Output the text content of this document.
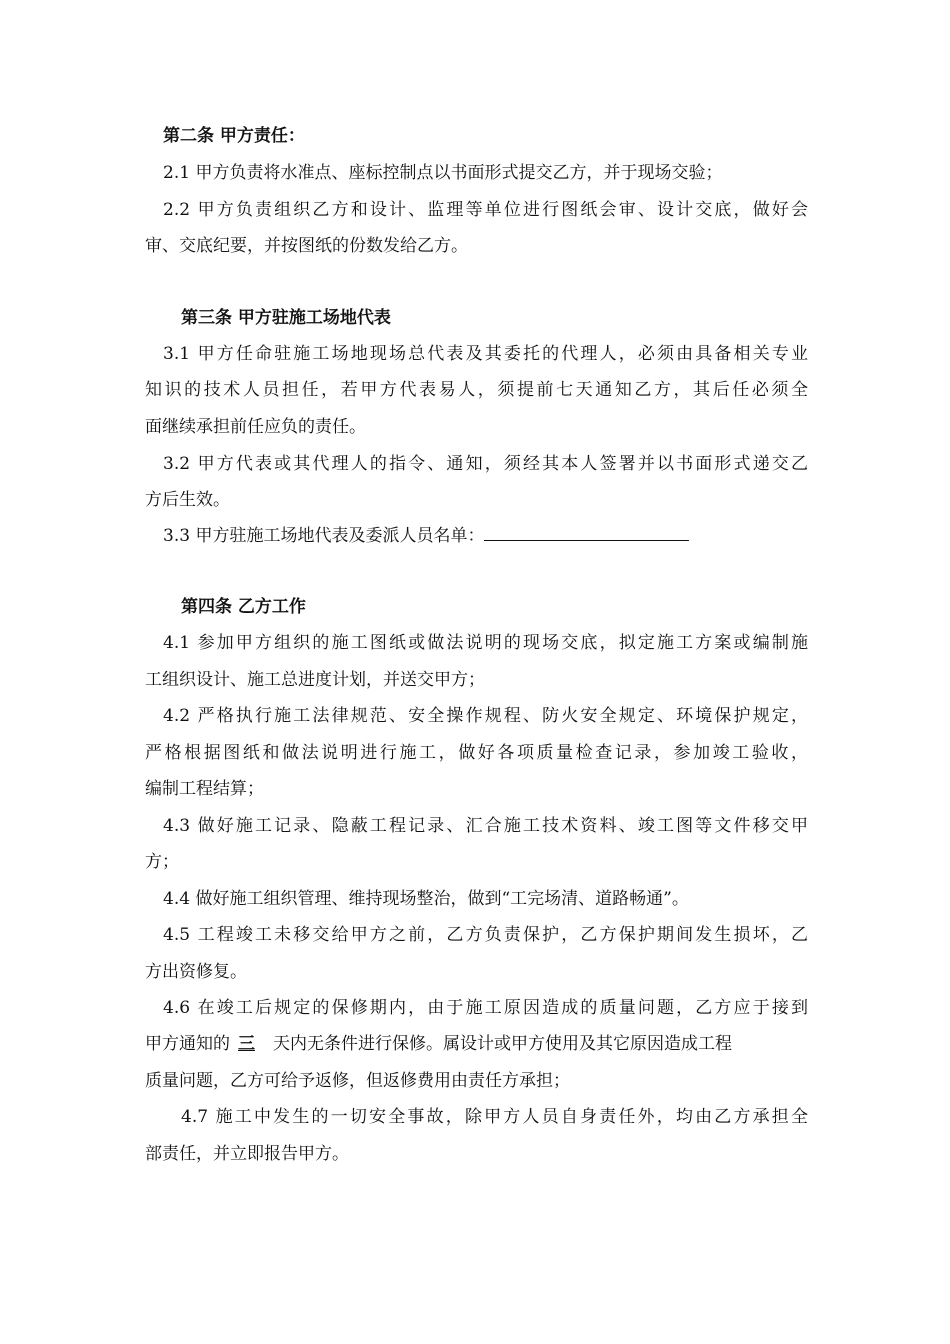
第二条 甲方责任：
2.1 甲方负责将水准点、座标控制点以书面形式提交乙方，并于现场交验；
2.2 甲方负责组织乙方和设计、监理等单位进行图纸会审、设计交底，做好会
审、交底纪要，并按图纸的份数发给乙方。
第三条 甲方驻施工场地代表
3.1 甲方任命驻施工场地现场总代表及其委托的代理人，必须由具备相关专业
知识的技术人员担任，若甲方代表易人，须提前七天通知乙方，其后任必须全
面继续承担前任应负的责任。
3.2 甲方代表或其代理人的指令、通知，须经其本人签署并以书面形式递交乙
方后生效。
3.3 甲方驻施工场地代表及委派人员名单：
第四条 乙方工作
4.1 参加甲方组织的施工图纸或做法说明的现场交底，拟定施工方案或编制施
工组织设计、施工总进度计划，并送交甲方；
4.2 严格执行施工法律规范、安全操作规程、防火安全规定、环境保护规定，
严格根据图纸和做法说明进行施工，做好各项质量检查记录，参加竣工验收，
编制工程结算；
4.3 做好施工记录、隐蔽工程记录、汇合施工技术资料、竣工图等文件移交甲
方；
4.4 做好施工组织管理、维持现场整治，做到“工完场清、道路畅通”。
4.5 工程竣工未移交给甲方之前，乙方负责保护，乙方保护期间发生损坏，乙
方出资修复。
4.6 在竣工后规定的保修期内，由于施工原因造成的质量问题，乙方应于接到
甲方通知的 三 天内无条件进行保修。属设计或甲方使用及其它原因造成工程
质量问题，乙方可给予返修，但返修费用由责任方承担；
4.7 施工中发生的一切安全事故，除甲方人员自身责任外，均由乙方承担全
部责任，并立即报告甲方。
